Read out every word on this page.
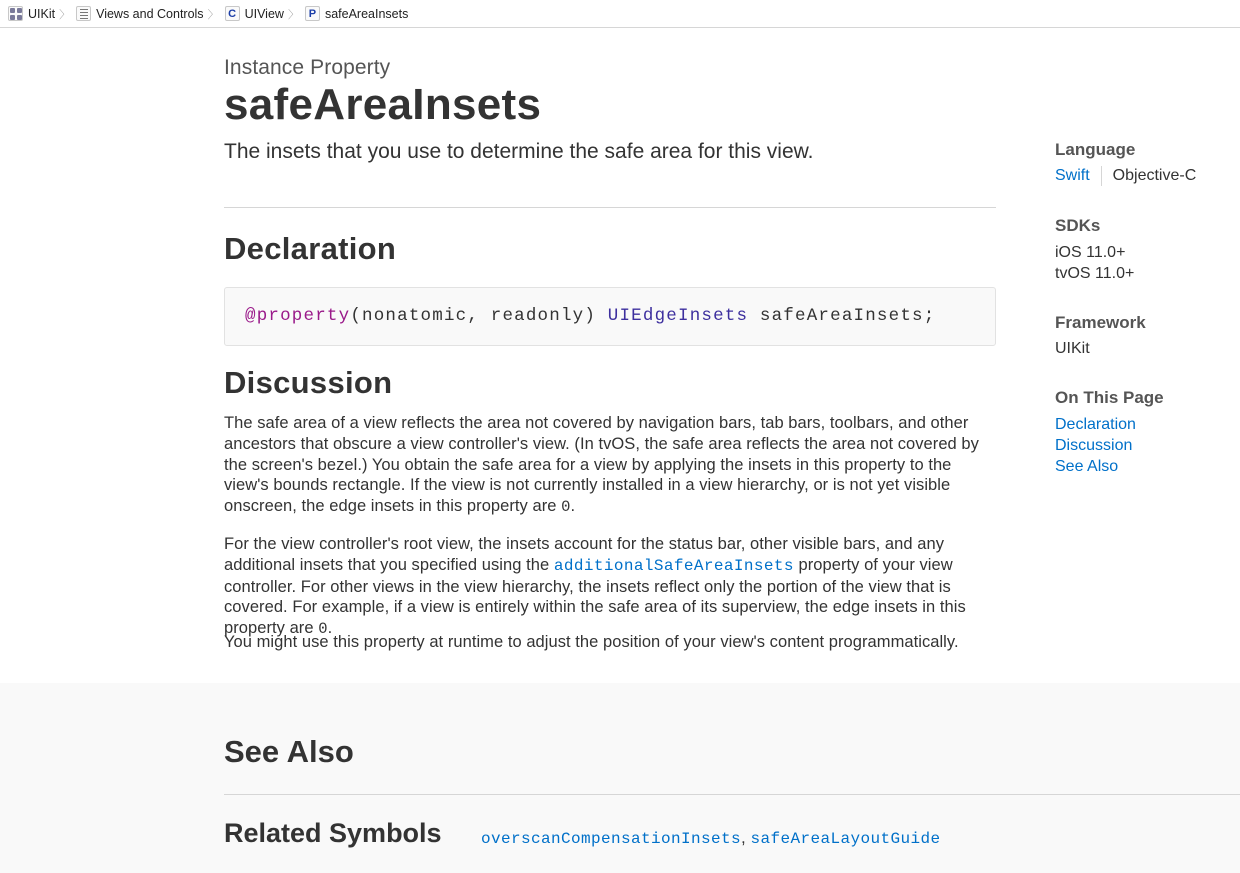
UIKit 〉 Views and Controls 〉 C UIView 〉 P safeAreaInsets
Instance Property
safeAreaInsets
The insets that you use to determine the safe area for this view.
Declaration
@property(nonatomic, readonly) UIEdgeInsets safeAreaInsets;
Discussion

The safe area of a view reflects the area not covered by navigation bars, tab bars, toolbars, and other ancestors that obscure a view controller's view. (In tvOS, the safe area reflects the area not covered by the screen's bezel.) You obtain the safe area for a view by applying the insets in this property to the view's bounds rectangle. If the view is not currently installed in a view hierarchy, or is not yet visible onscreen, the edge insets in this property are 0.

For the view controller's root view, the insets account for the status bar, other visible bars, and any additional insets that you specified using the additionalSafeAreaInsets property of your view controller. For other views in the view hierarchy, the insets reflect only the portion of the view that is covered. For example, if a view is entirely within the safe area of its superview, the edge insets in this property are 0.

You might use this property at runtime to adjust the position of your view's content programmatically.

See Also
Related Symbols overscanCompensationInsets, safeAreaLayoutGuide
Language
Swift Objective-C
SDKs
iOS 11.0+
tvOS 11.0+
Framework
UIKit
On This Page
Declaration
Discussion
See Also
